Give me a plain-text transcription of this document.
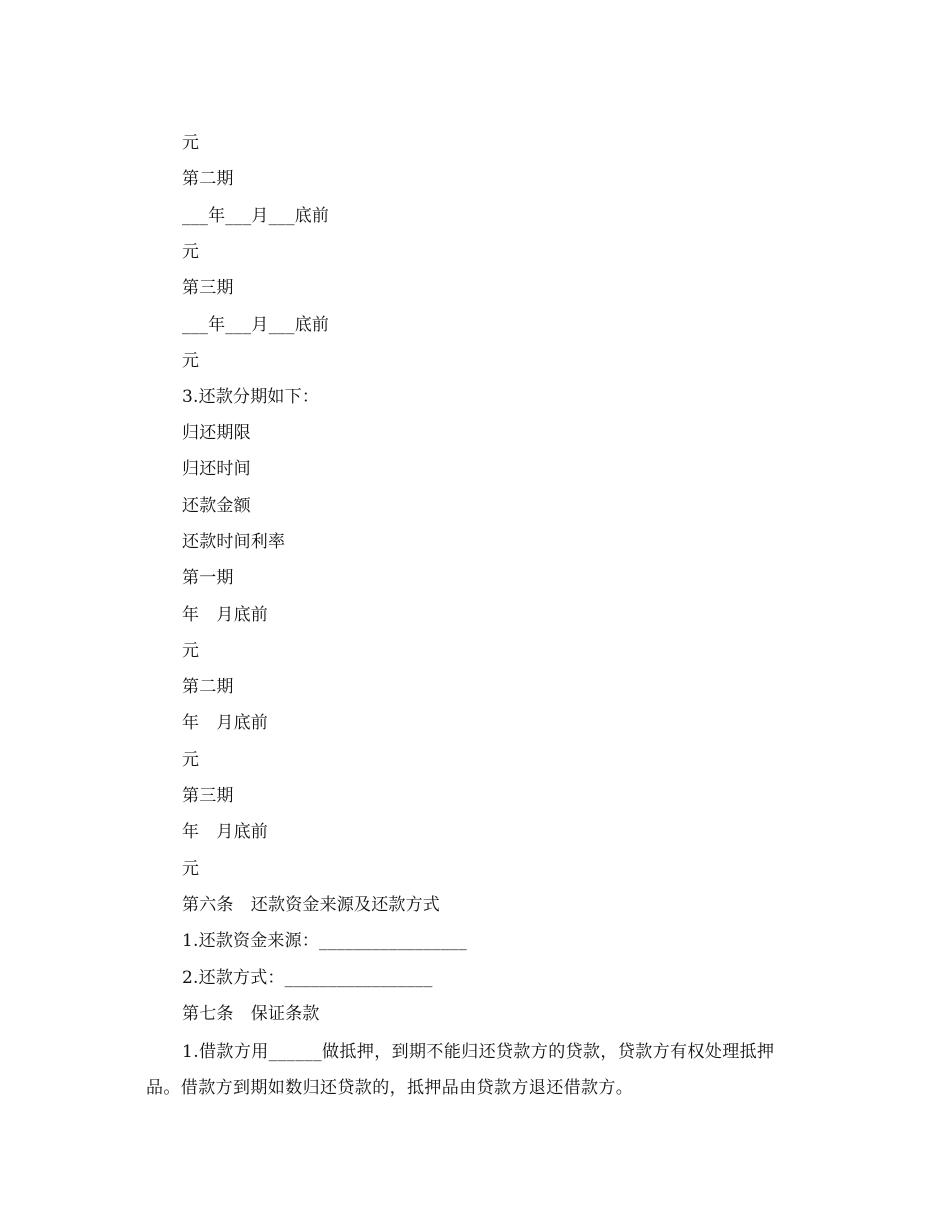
元
第二期
___年___月___底前
元
第三期
___年___月___底前
元
3.还款分期如下：
归还期限
归还时间
还款金额
还款时间利率
第一期
年　月底前
元
第二期
年　月底前
元
第三期
年　月底前
元
第六条　还款资金来源及还款方式
1.还款资金来源：_________________
2.还款方式：_________________
第七条　保证条款
1.借款方用______做抵押，到期不能归还贷款方的贷款，贷款方有权处理抵押品。借款方到期如数归还贷款的，抵押品由贷款方退还借款方。
